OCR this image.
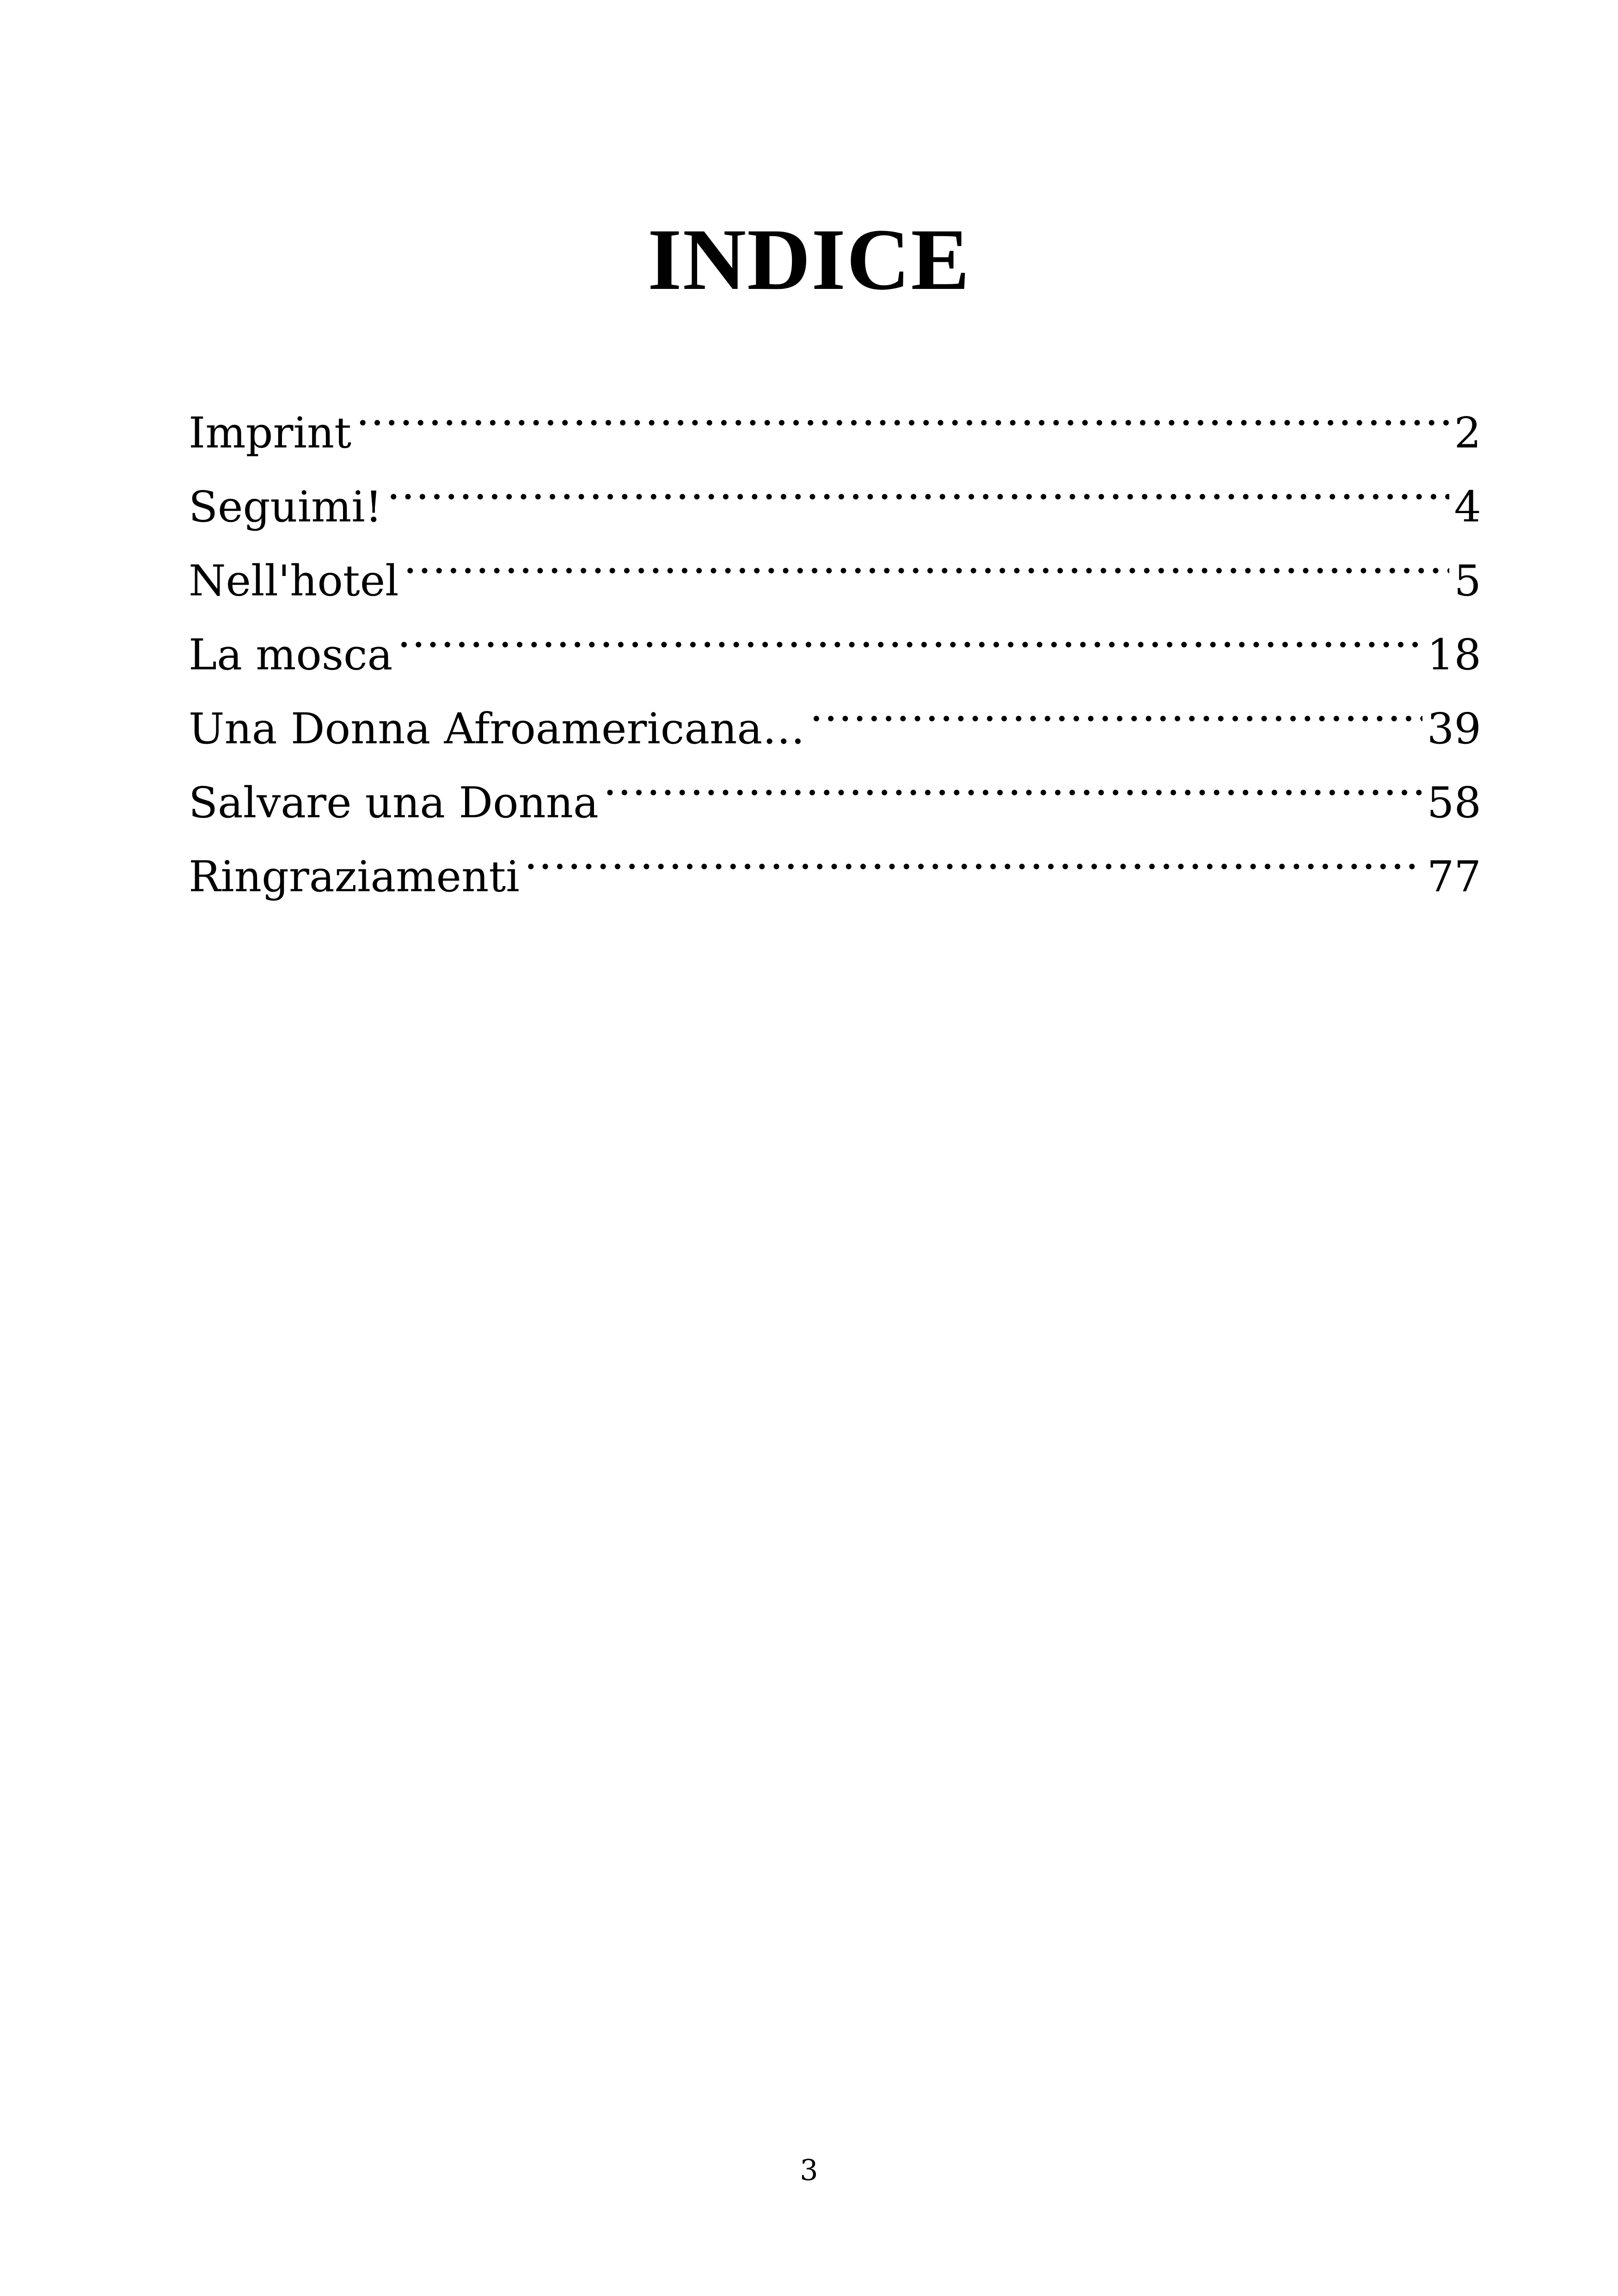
INDICE
Imprint .....	2
Seguimi! .....	4
Nell'hotel .....	5
La mosca .....	18
Una Donna Afroamericana… .....	39
Salvare una Donna .....	58
Ringraziamenti .....	77
3
